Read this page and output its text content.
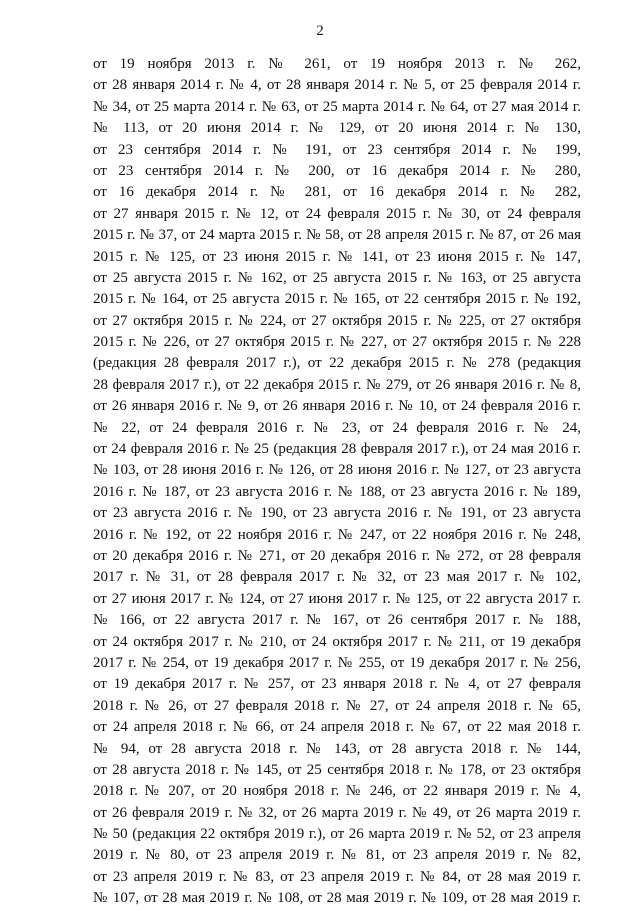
2
от 19 ноября 2013 г. № 261, от 19 ноября 2013 г. № 262,
от 28 января 2014 г. № 4, от 28 января 2014 г. № 5, от 25 февраля 2014 г.
№ 34, от 25 марта 2014 г. № 63, от 25 марта 2014 г. № 64, от 27 мая 2014 г.
№ 113, от 20 июня 2014 г. № 129, от 20 июня 2014 г. № 130,
от 23 сентября 2014 г. № 191, от 23 сентября 2014 г. № 199,
от 23 сентября 2014 г. № 200, от 16 декабря 2014 г. № 280,
от 16 декабря 2014 г. № 281, от 16 декабря 2014 г. № 282,
от 27 января 2015 г. № 12, от 24 февраля 2015 г. № 30, от 24 февраля
2015 г. № 37, от 24 марта 2015 г. № 58, от 28 апреля 2015 г. № 87, от 26 мая
2015 г. № 125, от 23 июня 2015 г. № 141, от 23 июня 2015 г. № 147,
от 25 августа 2015 г. № 162, от 25 августа 2015 г. № 163, от 25 августа
2015 г. № 164, от 25 августа 2015 г. № 165, от 22 сентября 2015 г. № 192,
от 27 октября 2015 г. № 224, от 27 октября 2015 г. № 225, от 27 октября
2015 г. № 226, от 27 октября 2015 г. № 227, от 27 октября 2015 г. № 228
(редакция 28 февраля 2017 г.), от 22 декабря 2015 г. № 278 (редакция
28 февраля 2017 г.), от 22 декабря 2015 г. № 279, от 26 января 2016 г. № 8,
от 26 января 2016 г. № 9, от 26 января 2016 г. № 10, от 24 февраля 2016 г.
№ 22, от 24 февраля 2016 г. № 23, от 24 февраля 2016 г. № 24,
от 24 февраля 2016 г. № 25 (редакция 28 февраля 2017 г.), от 24 мая 2016 г.
№ 103, от 28 июня 2016 г. № 126, от 28 июня 2016 г. № 127, от 23 августа
2016 г. № 187, от 23 августа 2016 г. № 188, от 23 августа 2016 г. № 189,
от 23 августа 2016 г. № 190, от 23 августа 2016 г. № 191, от 23 августа
2016 г. № 192, от 22 ноября 2016 г. № 247, от 22 ноября 2016 г. № 248,
от 20 декабря 2016 г. № 271, от 20 декабря 2016 г. № 272, от 28 февраля
2017 г. № 31, от 28 февраля 2017 г. № 32, от 23 мая 2017 г. № 102,
от 27 июня 2017 г. № 124, от 27 июня 2017 г. № 125, от 22 августа 2017 г.
№ 166, от 22 августа 2017 г. № 167, от 26 сентября 2017 г. № 188,
от 24 октября 2017 г. № 210, от 24 октября 2017 г. № 211, от 19 декабря
2017 г. № 254, от 19 декабря 2017 г. № 255, от 19 декабря 2017 г. № 256,
от 19 декабря 2017 г. № 257, от 23 января 2018 г. № 4, от 27 февраля
2018 г. № 26, от 27 февраля 2018 г. № 27, от 24 апреля 2018 г. № 65,
от 24 апреля 2018 г. № 66, от 24 апреля 2018 г. № 67, от 22 мая 2018 г.
№ 94, от 28 августа 2018 г. № 143, от 28 августа 2018 г. № 144,
от 28 августа 2018 г. № 145, от 25 сентября 2018 г. № 178, от 23 октября
2018 г. № 207, от 20 ноября 2018 г. № 246, от 22 января 2019 г. № 4,
от 26 февраля 2019 г. № 32, от 26 марта 2019 г. № 49, от 26 марта 2019 г.
№ 50 (редакция 22 октября 2019 г.), от 26 марта 2019 г. № 52, от 23 апреля
2019 г. № 80, от 23 апреля 2019 г. № 81, от 23 апреля 2019 г. № 82,
от 23 апреля 2019 г. № 83, от 23 апреля 2019 г. № 84, от 28 мая 2019 г.
№ 107, от 28 мая 2019 г. № 108, от 28 мая 2019 г. № 109, от 28 мая 2019 г.
